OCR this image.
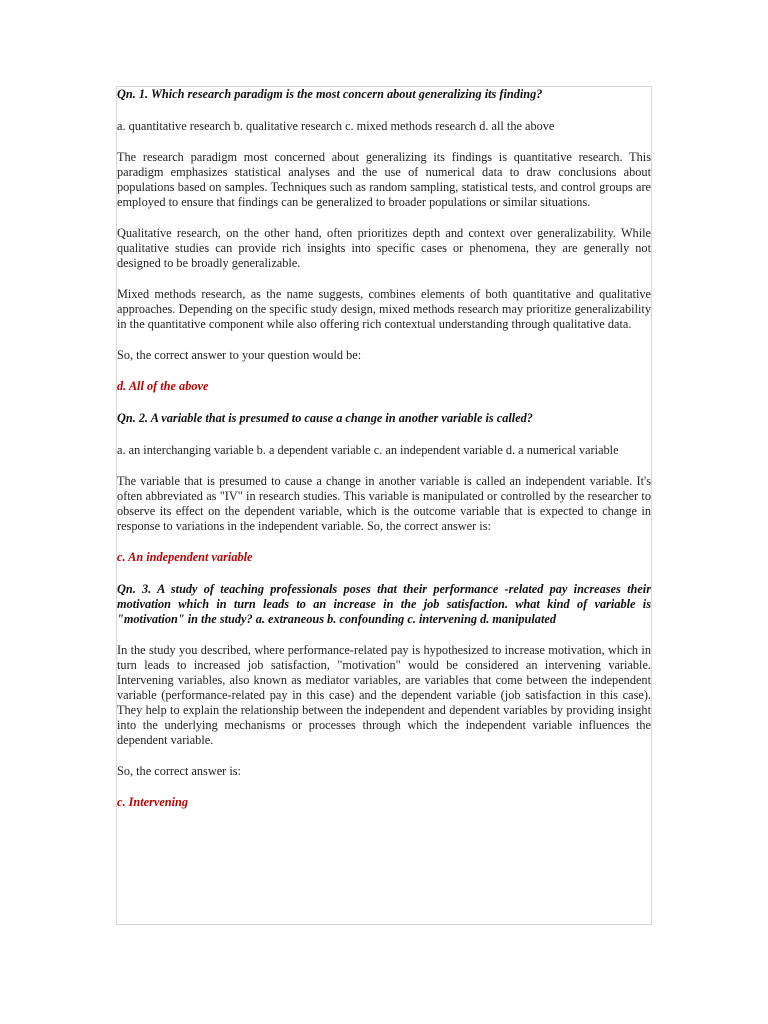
Qn. 1. Which research paradigm is the most concern about generalizing its finding?

a. quantitative research b. qualitative research c. mixed methods research d. all the above

The research paradigm most concerned about generalizing its findings is quantitative research. This paradigm emphasizes statistical analyses and the use of numerical data to draw conclusions about populations based on samples. Techniques such as random sampling, statistical tests, and control groups are employed to ensure that findings can be generalized to broader populations or similar situations.

Qualitative research, on the other hand, often prioritizes depth and context over generalizability. While qualitative studies can provide rich insights into specific cases or phenomena, they are generally not designed to be broadly generalizable.

Mixed methods research, as the name suggests, combines elements of both quantitative and qualitative approaches. Depending on the specific study design, mixed methods research may prioritize generalizability in the quantitative component while also offering rich contextual understanding through qualitative data.

So, the correct answer to your question would be:

d. All of the above

Qn. 2. A variable that is presumed to cause a change in another variable is called?

a. an interchanging variable b. a dependent variable c. an independent variable d. a numerical variable

The variable that is presumed to cause a change in another variable is called an independent variable. It's often abbreviated as "IV" in research studies. This variable is manipulated or controlled by the researcher to observe its effect on the dependent variable, which is the outcome variable that is expected to change in response to variations in the independent variable. So, the correct answer is:

c. An independent variable

Qn. 3. A study of teaching professionals poses that their performance -related pay increases their motivation which in turn leads to an increase in the job satisfaction. what kind of variable is "motivation" in the study? a. extraneous b. confounding c. intervening d. manipulated

In the study you described, where performance-related pay is hypothesized to increase motivation, which in turn leads to increased job satisfaction, "motivation" would be considered an intervening variable. Intervening variables, also known as mediator variables, are variables that come between the independent variable (performance-related pay in this case) and the dependent variable (job satisfaction in this case). They help to explain the relationship between the independent and dependent variables by providing insight into the underlying mechanisms or processes through which the independent variable influences the dependent variable.

So, the correct answer is:

c. Intervening
